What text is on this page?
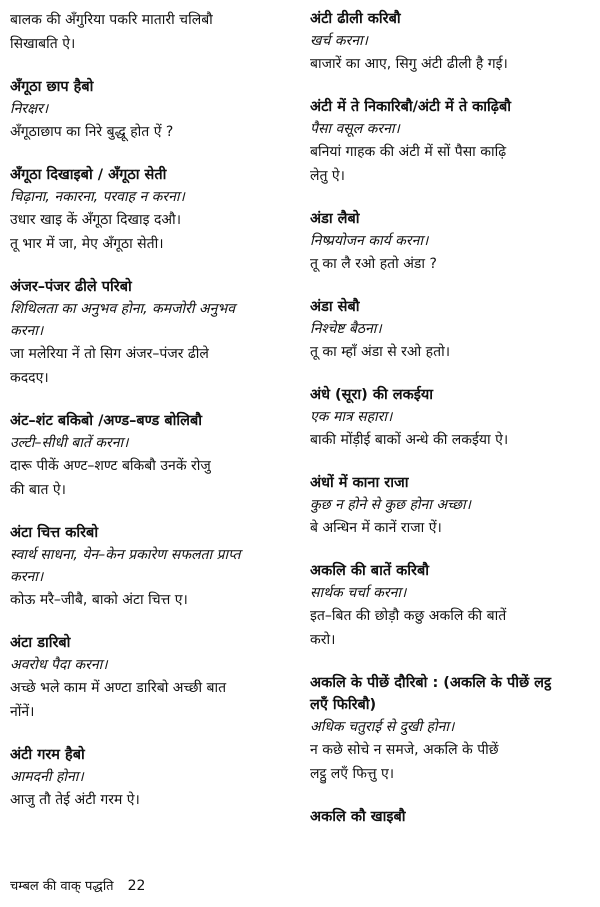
बालक की अँगुरिया पकरि मातारी चलिबौ
सिखाबति ऐ।
अँगूठा छाप हैबो
निरक्षर।
अँगूठाछाप का निरे बुद्धू होत ऐं ?
अँगूठा दिखाइबो / अँगूठा सेती
चिढ़ाना, नकारना, परवाह न करना।
उधार खाइ कें अँगूठा दिखाइ दऔ।
तू भार में जा, मेए अँगूठा सेती।
अंजर–पंजर ढीले परिबो
शिथिलता का अनुभव होना, कमजोरी अनुभव
करना।
जा मलेरिया नें तो सिग अंजर–पंजर ढीले
कददए।
अंट–शंट बकिबो /अण्ड–बण्ड बोलिबौ
उल्टी–सीधी बातें करना।
दारू पीकें अण्ट–शण्ट बकिबौ उनकें रोजु
की बात ऐ।
अंटा चित्त करिबो
स्वार्थ साधना, येन–केन प्रकारेण सफलता प्राप्त
करना।
कोऊ मरै–जीबै, बाको अंटा चित्त ए।
अंटा डारिबो
अवरोध पैदा करना।
अच्छे भले काम में अण्टा डारिबो अच्छी बात
नोंनें।
अंटी गरम हैबो
आमदनी होना।
आजु तौ तेई अंटी गरम ऐ।
अंटी ढीली करिबौ
खर्च करना।
बाजारें का आए, सिगु अंटी ढीली है गई।
अंटी में ते निकारिबौ/अंटी में ते काढ़िबौ
पैसा वसूल करना।
बनियां गाहक की अंटी में सों पैसा काढ़ि
लेतु ऐ।
अंडा लैबो
निष्प्रयोजन कार्य करना।
तू का लै रओ हतो अंडा ?
अंडा सेबौ
निश्चेष्ट बैठना।
तू का म्हाँ अंडा से रओ हतो।
अंधे (सूरा) की लकईया
एक मात्र सहारा।
बाकी मोंड़ीई बाकों अन्धे की लकईया ऐ।
अंधों में काना राजा
कुछ न होने से कुछ होना अच्छा।
बे अन्धिन में कानें राजा ऐं।
अकलि की बातें करिबौ
सार्थक चर्चा करना।
इत–बित की छोड़ौ कछु अकलि की बातें
करो।
अकलि के पीछें दौरिबो : (अकलि के पीछें लट्ठ
लएँ फिरिबौ)
अधिक चतुराई से दुखी होना।
न कछे सोचे न समजे, अकलि के पीछें
लट्ठु लएँ फित्तु ए।
अकलि कौ खाइबौ
चम्बल की वाक् पद्धति 22
